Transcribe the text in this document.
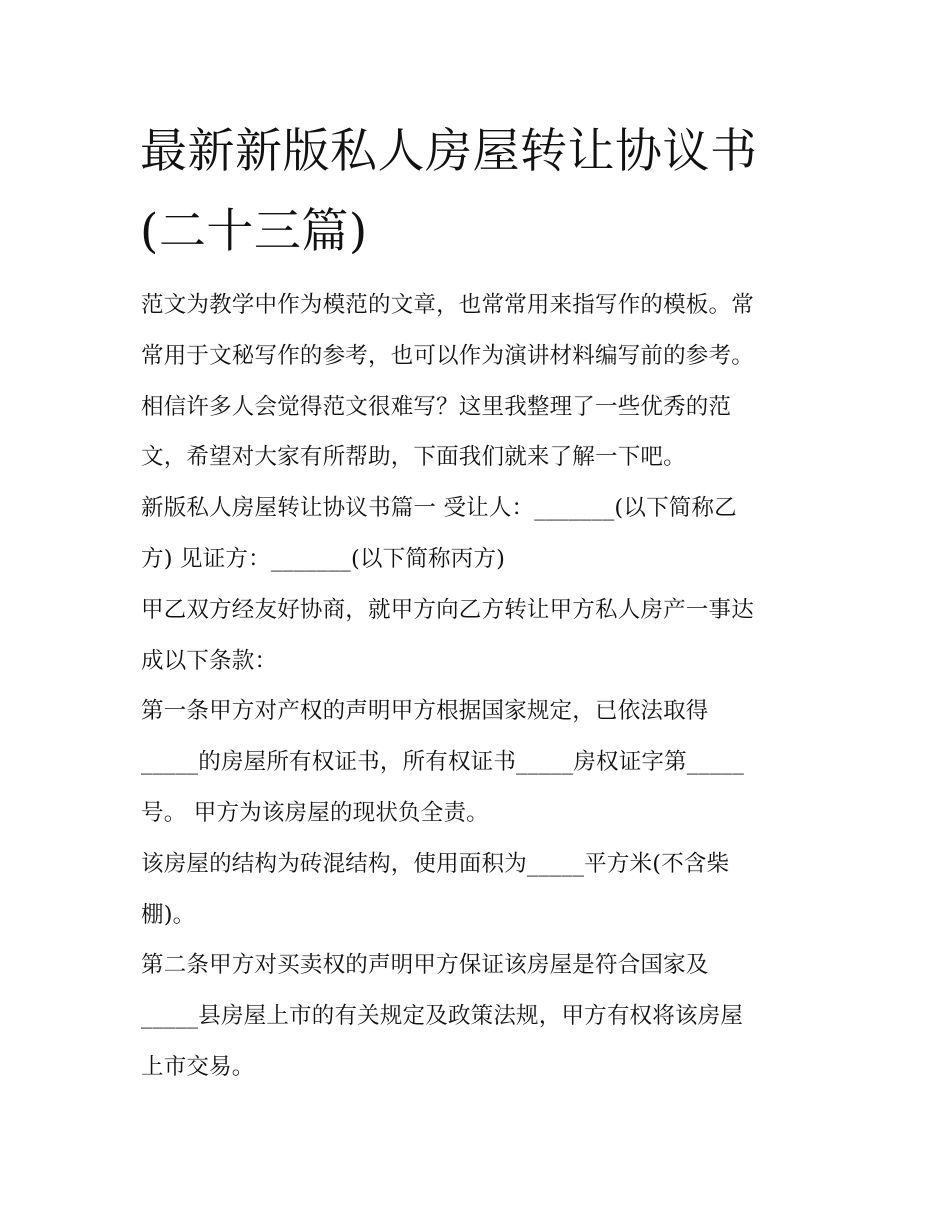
最新新版私人房屋转让协议书
(二十三篇)
范文为教学中作为模范的文章，也常常用来指写作的模板。常
常用于文秘写作的参考，也可以作为演讲材料编写前的参考。
相信许多人会觉得范文很难写？这里我整理了一些优秀的范
文，希望对大家有所帮助，下面我们就来了解一下吧。
新版私人房屋转让协议书篇一 受让人：_______(以下简称乙
方) 见证方：_______(以下简称丙方)
甲乙双方经友好协商，就甲方向乙方转让甲方私人房产一事达
成以下条款：
第一条甲方对产权的声明甲方根据国家规定，已依法取得
_____的房屋所有权证书，所有权证书_____房权证字第_____
号。 甲方为该房屋的现状负全责。
该房屋的结构为砖混结构，使用面积为_____平方米(不含柴
棚)。
第二条甲方对买卖权的声明甲方保证该房屋是符合国家及
_____县房屋上市的有关规定及政策法规，甲方有权将该房屋
上市交易。
